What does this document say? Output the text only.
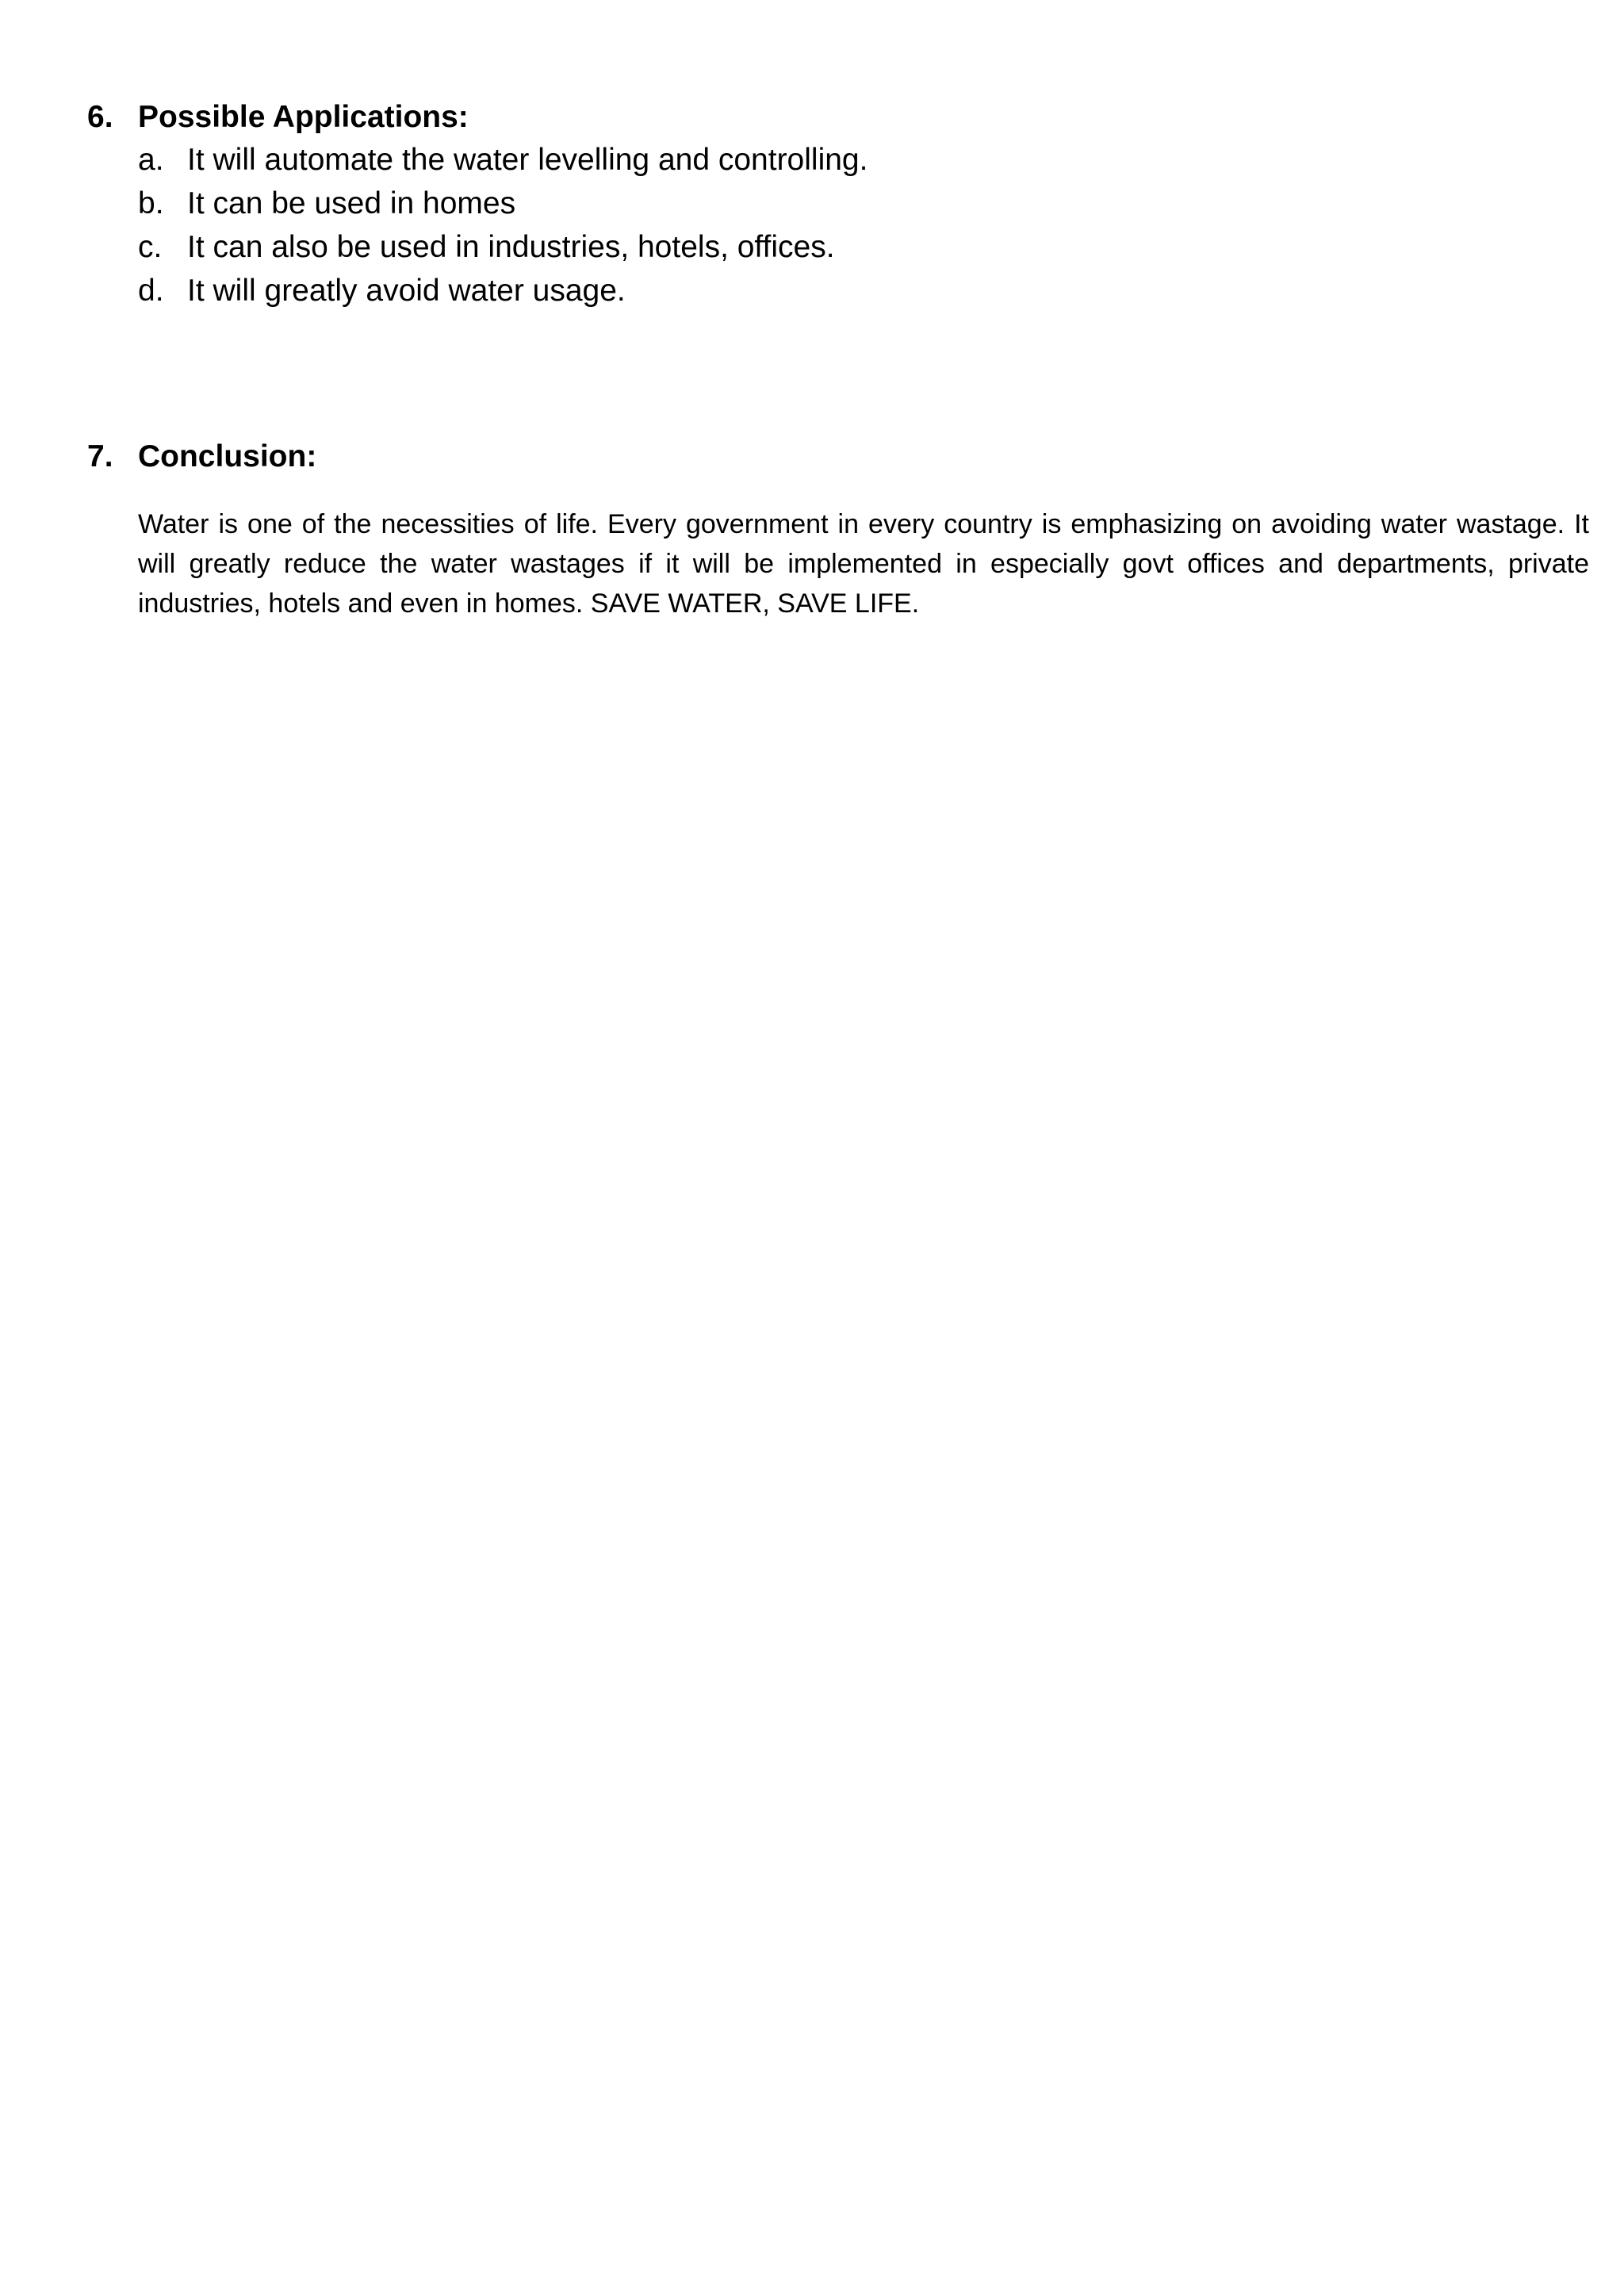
6. Possible Applications:
a. It will automate the water levelling and controlling.
b. It can be used in homes
c. It can also be used in industries, hotels, offices.
d. It will greatly avoid water usage.
7. Conclusion:

Water is one of the necessities of life. Every government in every country is emphasizing on avoiding water wastage. It will greatly reduce the water wastages if it will be implemented in especially govt offices and departments, private industries, hotels and even in homes. SAVE WATER, SAVE LIFE.
